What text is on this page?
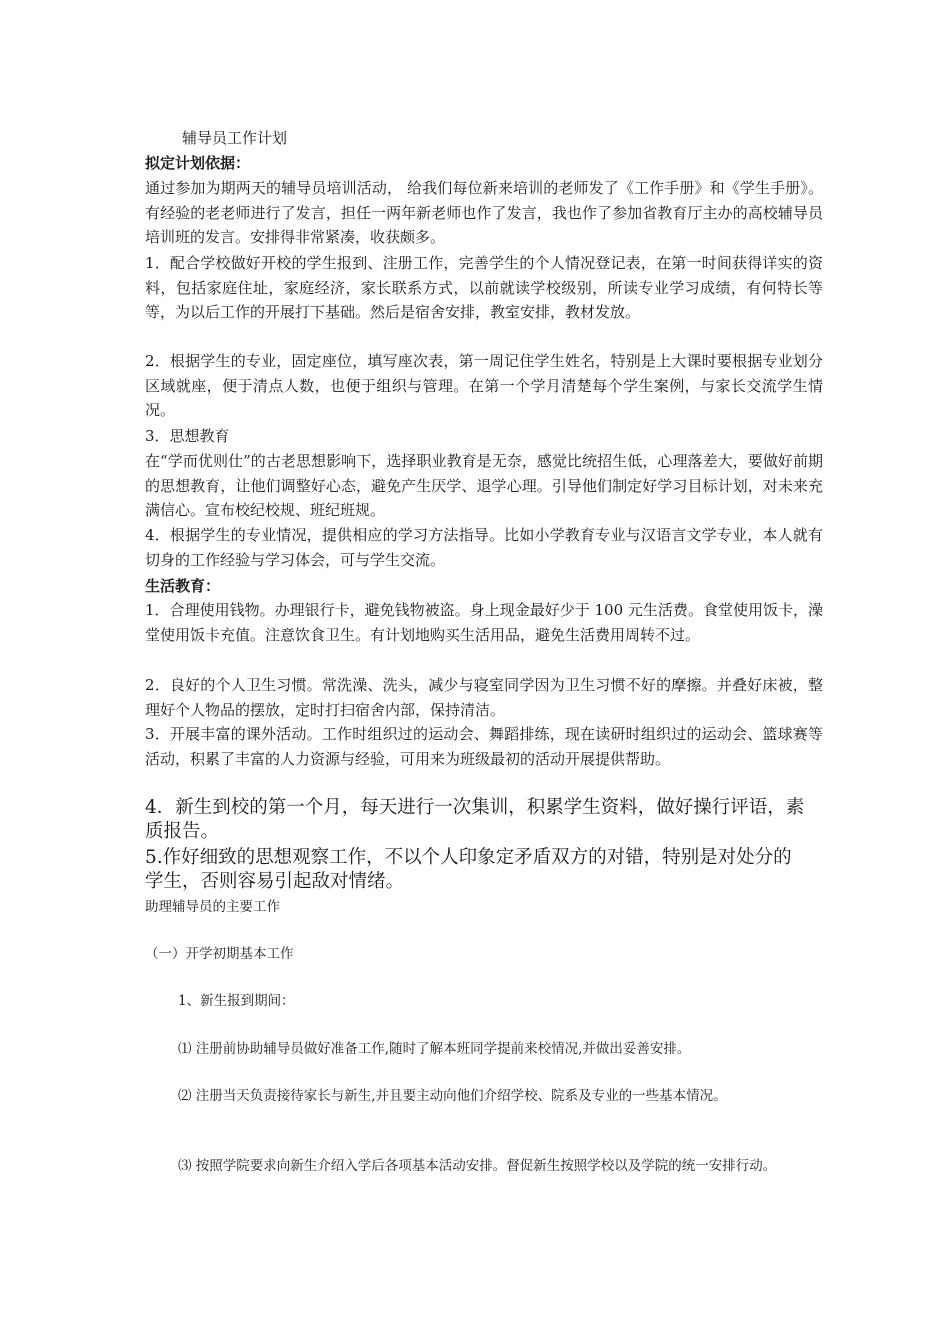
辅导员工作计划
拟定计划依据：

通过参加为期两天的辅导员培训活动， 给我们每位新来培训的老师发了《工作手册》和《学生手册》。有经验的老老师进行了发言，担任一两年新老师也作了发言，我也作了参加省教育厅主办的高校辅导员培训班的发言。安排得非常紧凑，收获颇多。

1．配合学校做好开校的学生报到、注册工作，完善学生的个人情况登记表，在第一时间获得详实的资料，包括家庭住址，家庭经济，家长联系方式，以前就读学校级别，所读专业学习成绩，有何特长等等，为以后工作的开展打下基础。然后是宿舍安排，教室安排，教材发放。

2．根据学生的专业，固定座位，填写座次表，第一周记住学生姓名，特别是上大课时要根据专业划分区域就座，便于清点人数，也便于组织与管理。在第一个学月清楚每个学生案例，与家长交流学生情况。

3．思想教育

在“学而优则仕”的古老思想影响下，选择职业教育是无奈，感觉比统招生低，心理落差大，要做好前期的思想教育，让他们调整好心态，避免产生厌学、退学心理。引导他们制定好学习目标计划，对未来充满信心。宣布校纪校规、班纪班规。

4．根据学生的专业情况，提供相应的学习方法指导。比如小学教育专业与汉语言文学专业，本人就有切身的工作经验与学习体会，可与学生交流。

生活教育：

1．合理使用钱物。办理银行卡，避免钱物被盗。身上现金最好少于 100 元生活费。食堂使用饭卡，澡堂使用饭卡充值。注意饮食卫生。有计划地购买生活用品，避免生活费用周转不过。

2．良好的个人卫生习惯。常洗澡、洗头，减少与寝室同学因为卫生习惯不好的摩擦。并叠好床被，整理好个人物品的摆放，定时打扫宿舍内部，保持清洁。

3．开展丰富的课外活动。工作时组织过的运动会、舞蹈排练，现在读研时组织过的运动会、篮球赛等活动，积累了丰富的人力资源与经验，可用来为班级最初的活动开展提供帮助。

4．新生到校的第一个月，每天进行一次集训，积累学生资料，做好操行评语，素质报告。

5.作好细致的思想观察工作，不以个人印象定矛盾双方的对错，特别是对处分的学生，否则容易引起敌对情绪。

助理辅导员的主要工作

（一）开学初期基本工作

1、新生报到期间：

⑴ 注册前协助辅导员做好准备工作,随时了解本班同学提前来校情况,并做出妥善安排。

⑵ 注册当天负责接待家长与新生,并且要主动向他们介绍学校、院系及专业的一些基本情况。

⑶ 按照学院要求向新生介绍入学后各项基本活动安排。督促新生按照学校以及学院的统一安排行动。
